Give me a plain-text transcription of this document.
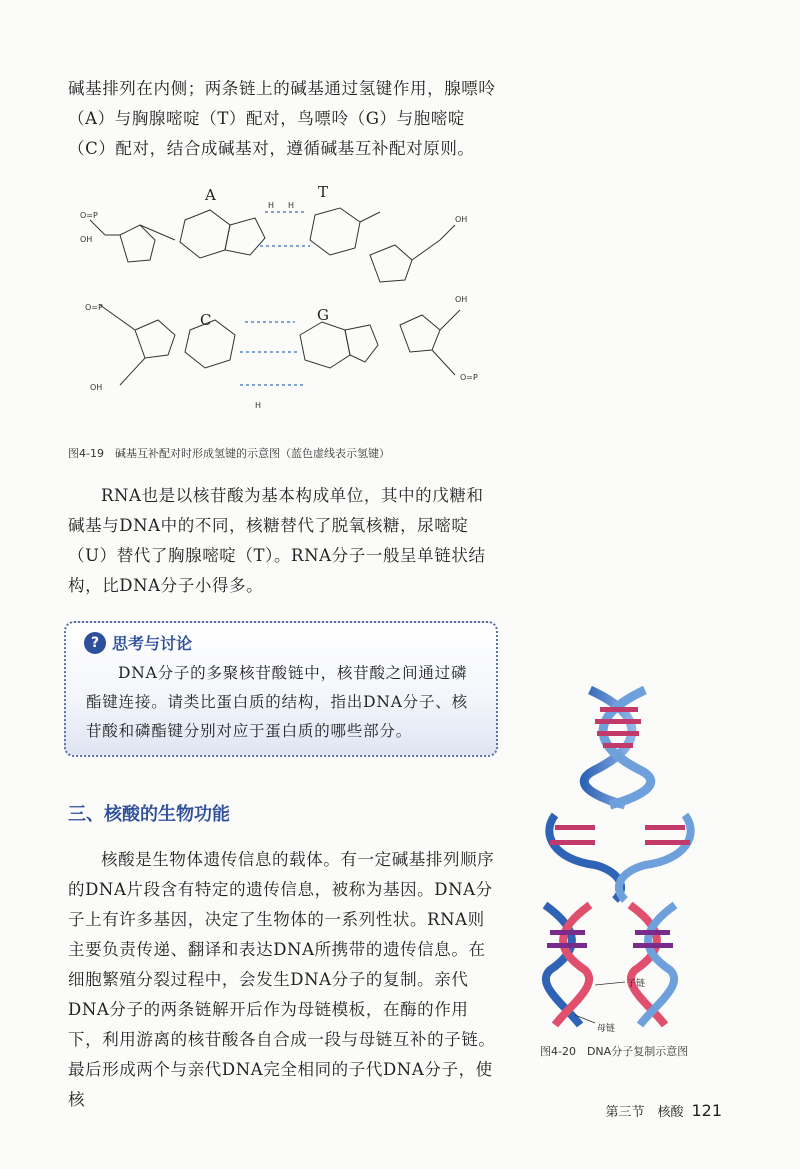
碱基排列在内侧；两条链上的碱基通过氢键作用，腺嘌呤（A）与胸腺嘧啶（T）配对，鸟嘌呤（G）与胞嘧啶（C）配对，结合成碱基对，遵循碱基互补配对原则。

O=P
OH
OH
OH
O=P
OH
O=P
H H
H
A	T
C	G
图4-19　碱基互补配对时形成氢键的示意图（蓝色虚线表示氢键）

RNA也是以核苷酸为基本构成单位，其中的戊糖和碱基与DNA中的不同，核糖替代了脱氧核糖，尿嘧啶（U）替代了胸腺嘧啶（T）。RNA分子一般呈单链状结构，比DNA分子小得多。

? 思考与讨论
DNA分子的多聚核苷酸链中，核苷酸之间通过磷酯键连接。请类比蛋白质的结构，指出DNA分子、核苷酸和磷酯键分别对应于蛋白质的哪些部分。
三、核酸的生物功能

核酸是生物体遗传信息的载体。有一定碱基排列顺序的DNA片段含有特定的遗传信息，被称为基因。DNA分子上有许多基因，决定了生物体的一系列性状。RNA则主要负责传递、翻译和表达DNA所携带的遗传信息。在细胞繁殖分裂过程中，会发生DNA分子的复制。亲代DNA分子的两条链解开后作为母链模板，在酶的作用下，利用游离的核苷酸各自合成一段与母链互补的子链。最后形成两个与亲代DNA完全相同的子代DNA分子，使核

子链
母链
图4-20　DNA分子复制示意图
第三节　核酸 121
